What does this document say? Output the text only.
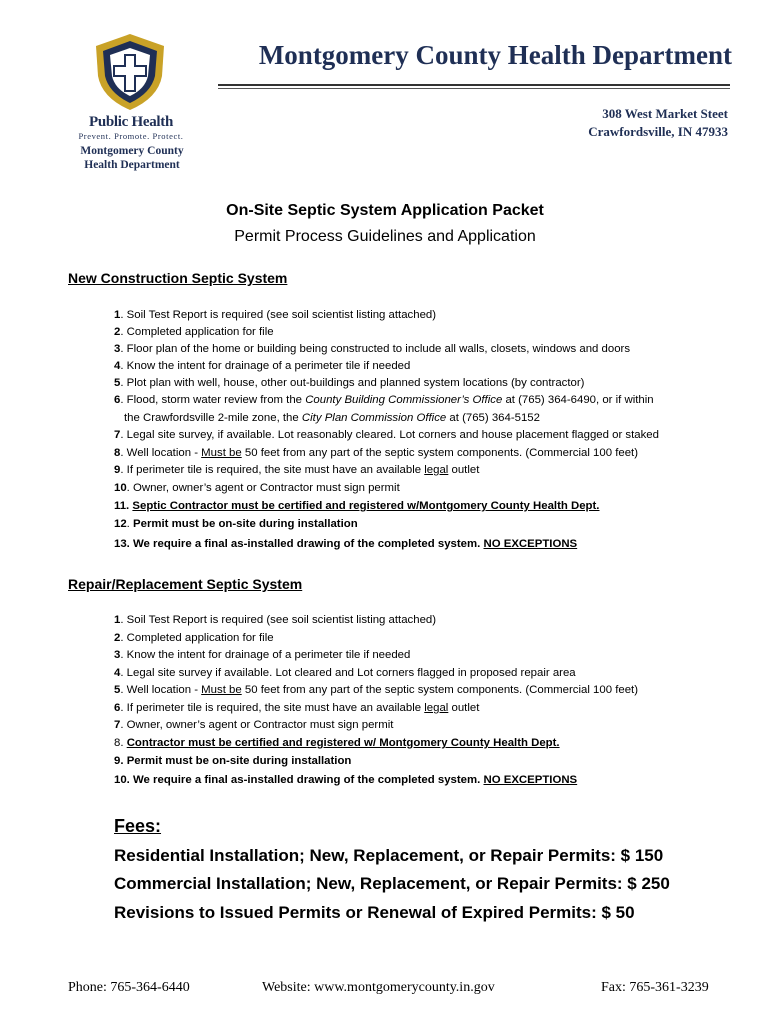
Public Health
Prevent. Promote. Protect.
Montgomery County
Health Department
Montgomery County Health Department
308 West Market Steet
Crawfordsville, IN 47933
On-Site Septic System Application Packet
Permit Process Guidelines and Application
New Construction Septic System
1. Soil Test Report is required (see soil scientist listing attached)
2. Completed application for file
3. Floor plan of the home or building being constructed to include all walls, closets, windows and doors
4. Know the intent for drainage of a perimeter tile if needed
5. Plot plan with well, house, other out-buildings and planned system locations (by contractor)
6. Flood, storm water review from the County Building Commissioner’s Office at (765) 364-6490, or if within
the Crawfordsville 2-mile zone, the City Plan Commission Office at (765) 364-5152
7. Legal site survey, if available. Lot reasonably cleared. Lot corners and house placement flagged or staked
8. Well location - Must be 50 feet from any part of the septic system components. (Commercial 100 feet)
9. If perimeter tile is required, the site must have an available legal outlet
10. Owner, owner’s agent or Contractor must sign permit
11. Septic Contractor must be certified and registered w/Montgomery County Health Dept.
12. Permit must be on-site during installation
13. We require a final as-installed drawing of the completed system. NO EXCEPTIONS
Repair/Replacement Septic System
1. Soil Test Report is required (see soil scientist listing attached)
2. Completed application for file
3. Know the intent for drainage of a perimeter tile if needed
4. Legal site survey if available. Lot cleared and Lot corners flagged in proposed repair area
5. Well location - Must be 50 feet from any part of the septic system components. (Commercial 100 feet)
6. If perimeter tile is required, the site must have an available legal outlet
7. Owner, owner’s agent or Contractor must sign permit
8. Contractor must be certified and registered w/ Montgomery County Health Dept.
9. Permit must be on-site during installation
10. We require a final as-installed drawing of the completed system. NO EXCEPTIONS
Fees:
Residential Installation; New, Replacement, or Repair Permits: $ 150
Commercial Installation; New, Replacement, or Repair Permits: $ 250
Revisions to Issued Permits or Renewal of Expired Permits: $ 50
Phone: 765-364-6440	Website: www.montgomerycounty.in.gov	Fax: 765-361-3239
